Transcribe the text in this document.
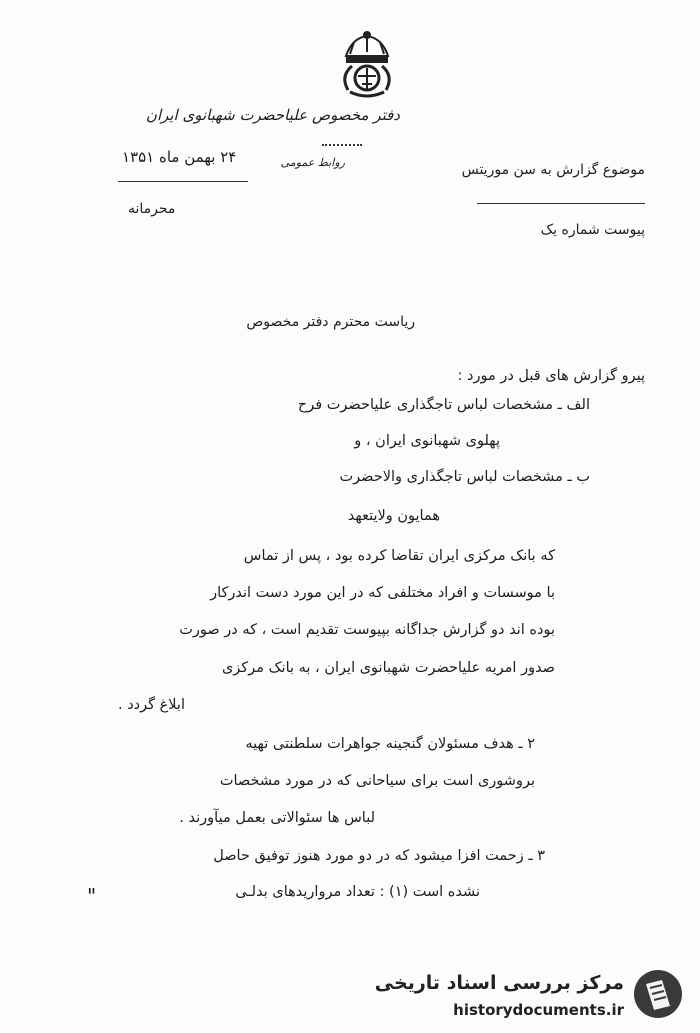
دفتر مخصوص علیاحضرت شهبانوی ایران
روابط عمومی
۲۴ بهمن ماه ۱۳۵۱
محرمانه
موضوع گزارش به سن موریتس
پیوست شماره یک
ریاست محترم دفتر مخصوص
پیرو گزارش های قبل در مورد :
الف ـ مشخصات لباس تاجگذاری علیاحضرت فرح
پهلوی شهبانوی ایران ، و
ب ـ مشخصات لباس تاجگذاری والاحضرت
همایون ولایتعهد
که بانک مرکزی ایران تقاضا کرده بود ، پس از تماس
با موسسات و افراد مختلفی که در این مورد دست اندرکار
بوده اند دو گزارش جداگانه بپیوست تقدیم است ، که در صورت
صدور امریه علیاحضرت شهبانوی ایران ، به بانک مرکزی
ابلاغ گردد .
۲ ـ هدف مسئولان گنجینه جواهرات سلطنتی تهیه
بروشوری است برای سیاحانی که در مورد مشخصات
لباس ها سئوالاتی بعمل میآورند .
۳ ـ زحمت افزا میشود که در دو مورد هنوز توفیق حاصل
نشده است (۱) : تعداد مرواریدهای بدلـی
"
مرکز بررسی اسناد تاریخی
historydocuments.ir
